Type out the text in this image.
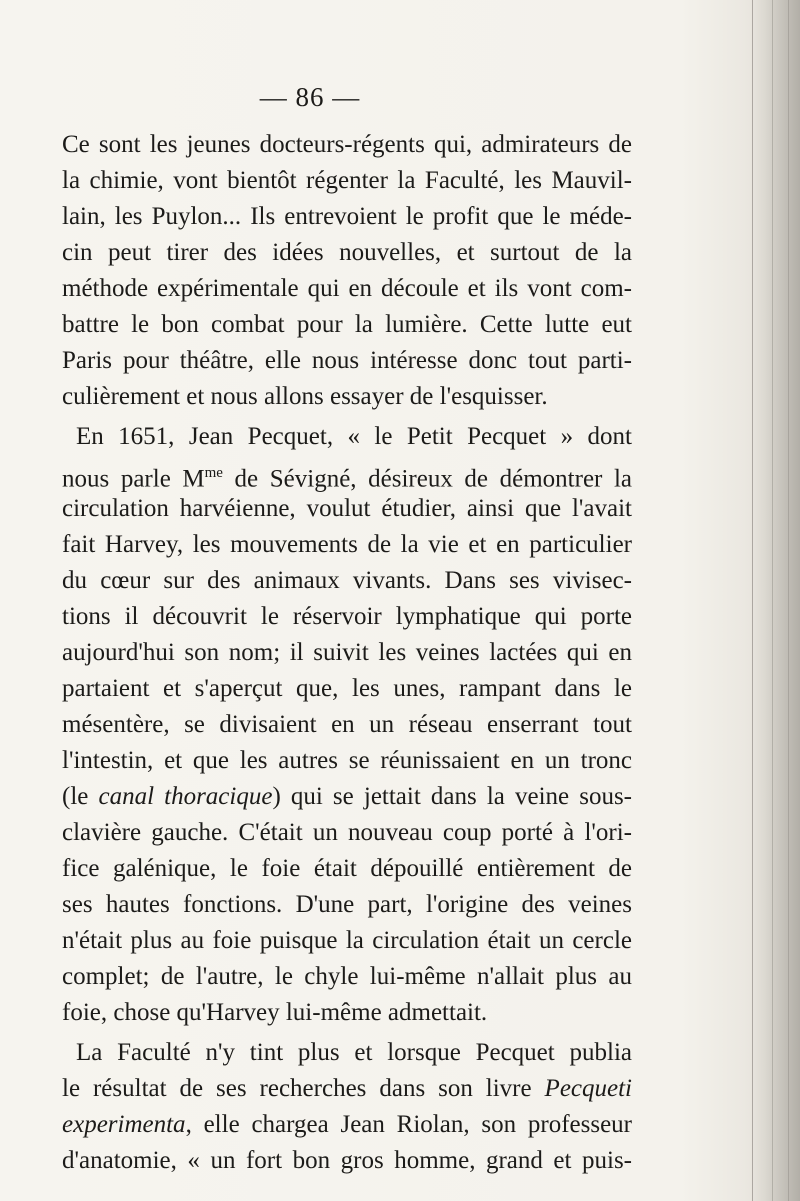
— 86 —
Ce sont les jeunes docteurs-régents qui, admirateurs de
la chimie, vont bientôt régenter la Faculté, les Mauvil-
lain, les Puylon... Ils entrevoient le profit que le méde-
cin peut tirer des idées nouvelles, et surtout de la
méthode expérimentale qui en découle et ils vont com-
battre le bon combat pour la lumière. Cette lutte eut
Paris pour théâtre, elle nous intéresse donc tout parti-
culièrement et nous allons essayer de l'esquisser.
En 1651, Jean Pecquet, « le Petit Pecquet » dont
nous parle $M^{me}$ de Sévigné, désireux de démontrer la
circulation harvéienne, voulut étudier, ainsi que l'avait
fait Harvey, les mouvements de la vie et en particulier
du cœur sur des animaux vivants. Dans ses vivisec-
tions il découvrit le réservoir lymphatique qui porte
aujourd'hui son nom; il suivit les veines lactées qui en
partaient et s'aperçut que, les unes, rampant dans le
mésentère, se divisaient en un réseau enserrant tout
l'intestin, et que les autres se réunissaient en un tronc
(le canal thoracique) qui se jettait dans la veine sous-
clavière gauche. C'était un nouveau coup porté à l'ori-
fice galénique, le foie était dépouillé entièrement de
ses hautes fonctions. D'une part, l'origine des veines
n'était plus au foie puisque la circulation était un cercle
complet; de l'autre, le chyle lui-même n'allait plus au
foie, chose qu'Harvey lui-même admettait.
La Faculté n'y tint plus et lorsque Pecquet publia
le résultat de ses recherches dans son livre Pecqueti
experimenta, elle chargea Jean Riolan, son professeur
d'anatomie, « un fort bon gros homme, grand et puis-
